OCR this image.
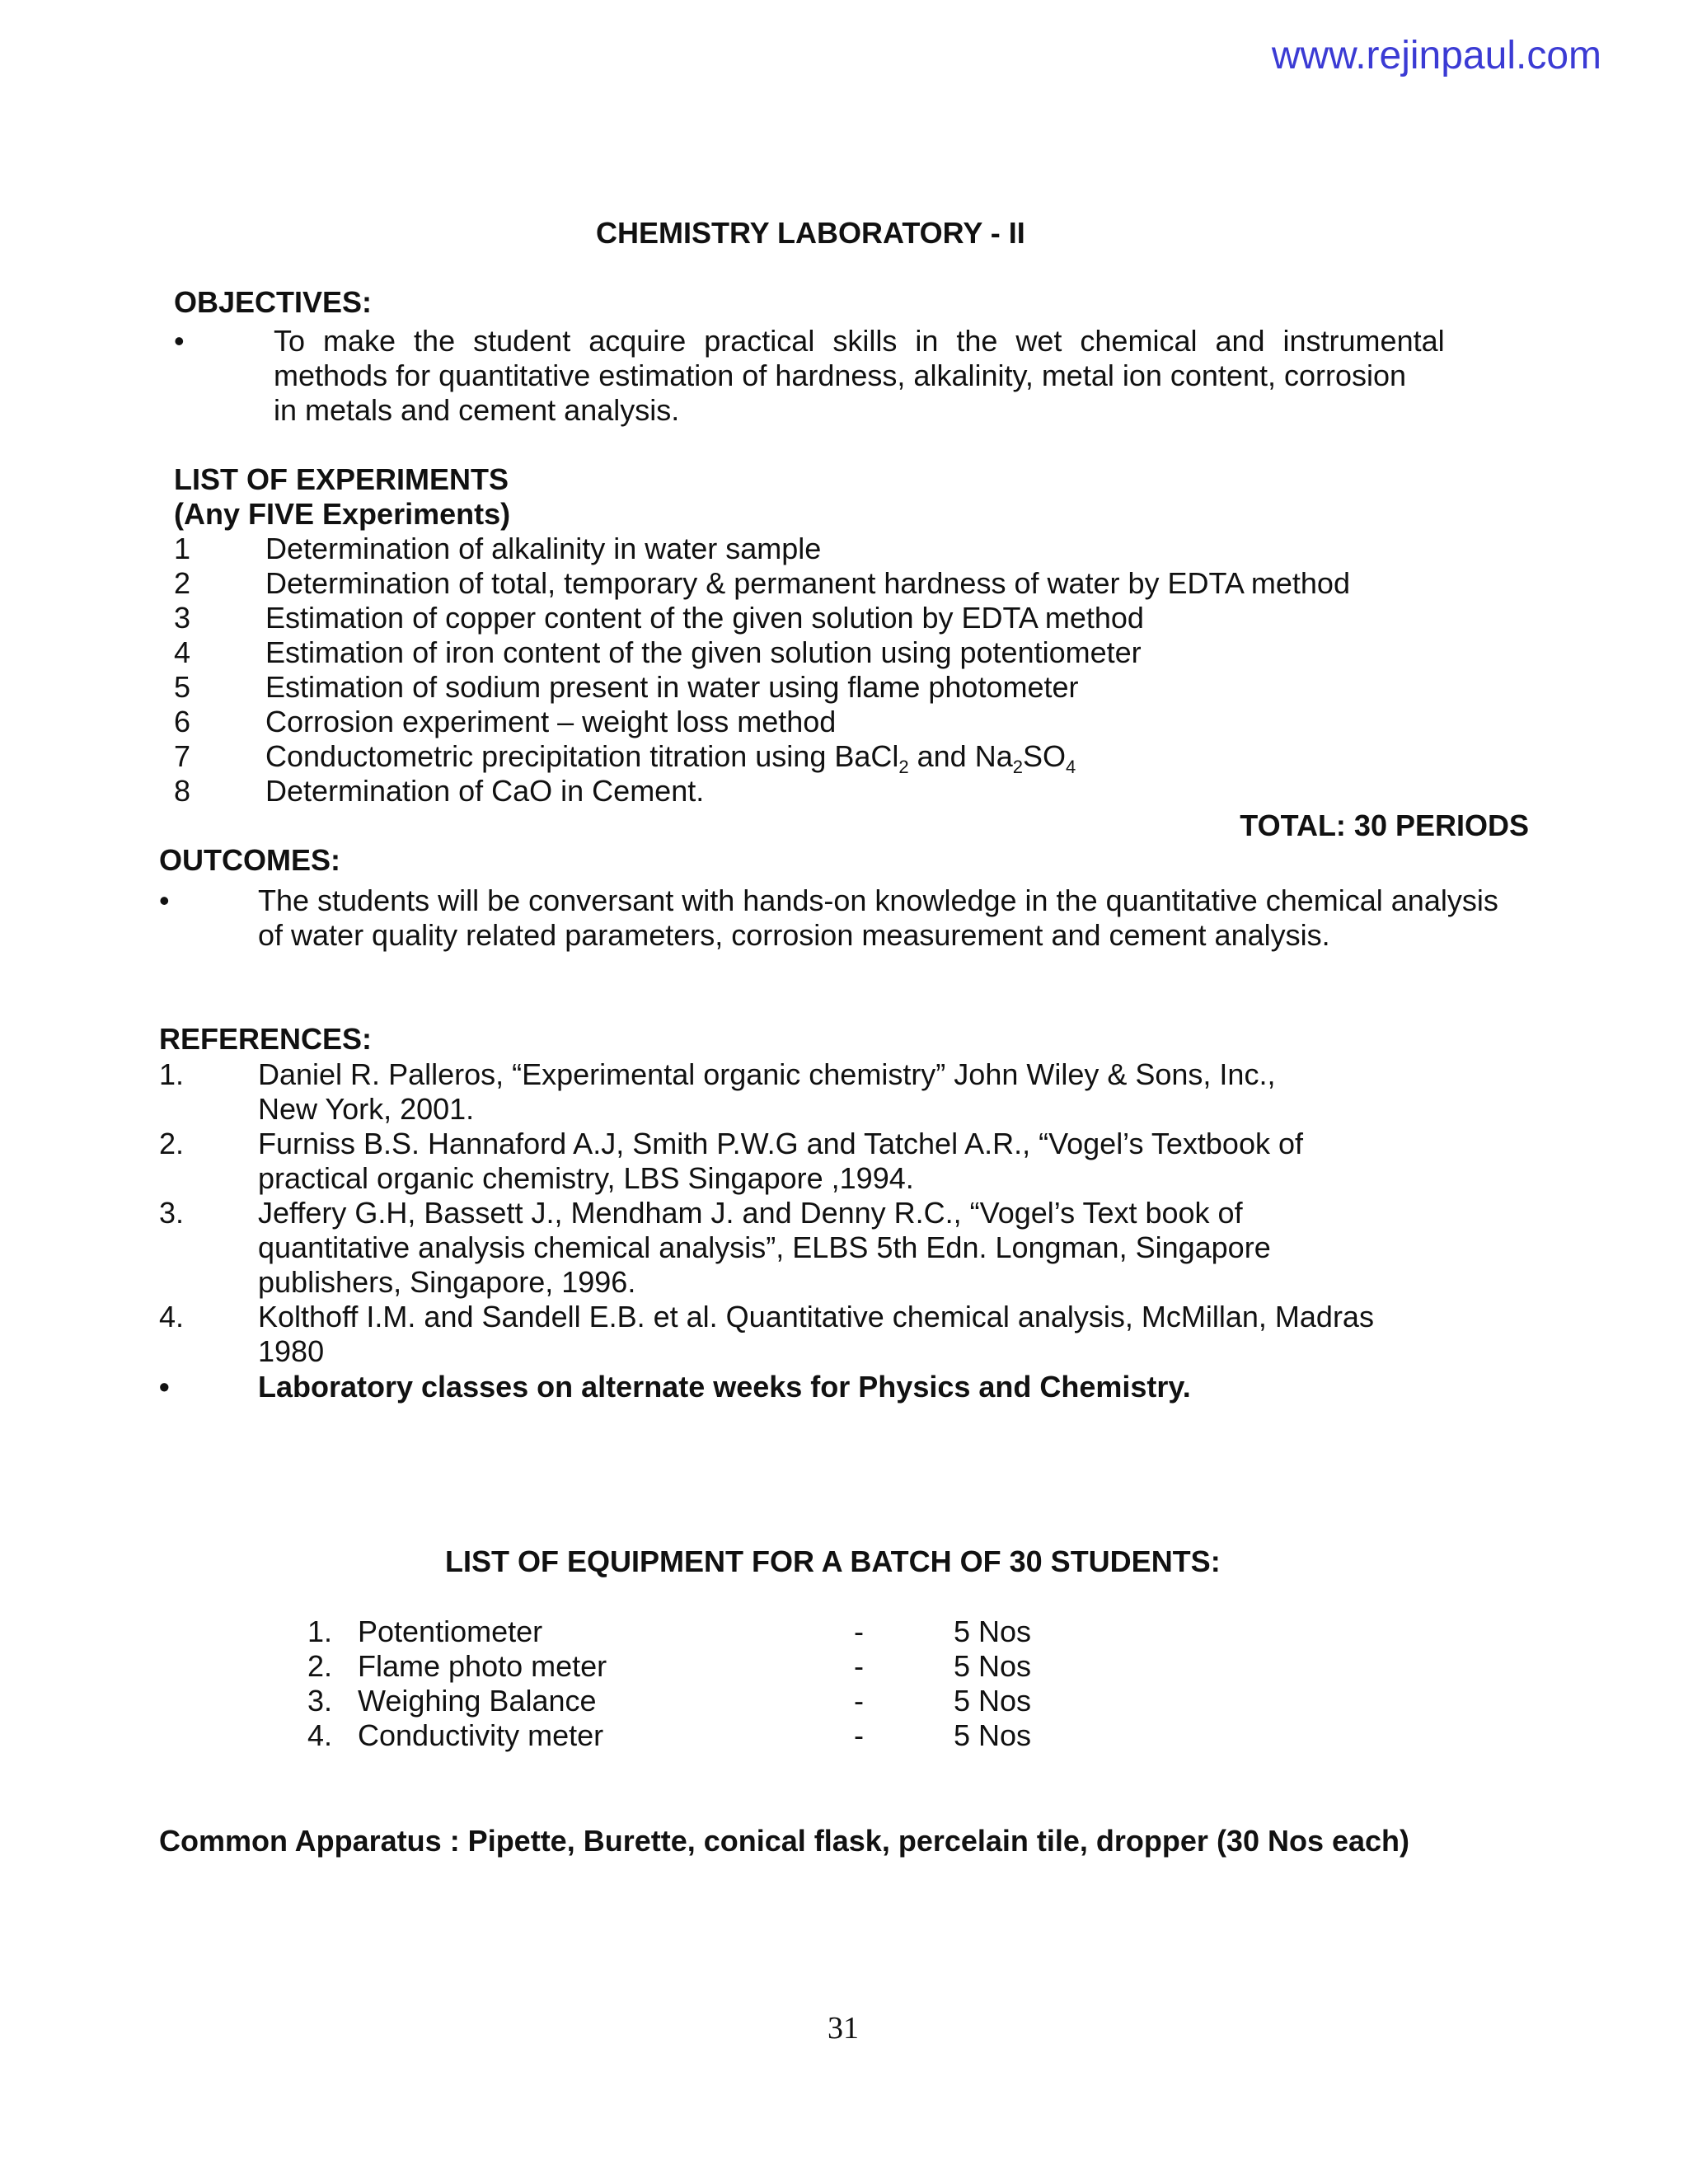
www.rejinpaul.com
CHEMISTRY LABORATORY - II
OBJECTIVES:
•	To make the student acquire practical skills in the wet chemical and instrumental
methods for quantitative estimation of hardness, alkalinity, metal ion content, corrosion
in metals and cement analysis.
LIST OF EXPERIMENTS
(Any FIVE Experiments)
1	Determination of alkalinity in water sample
2	Determination of total, temporary & permanent hardness of water by EDTA method
3	Estimation of copper content of the given solution by EDTA method
4	Estimation of iron content of the given solution using potentiometer
5	Estimation of sodium present in water using flame photometer
6	Corrosion experiment – weight loss method
7	Conductometric precipitation titration using BaCl$_2$ and $Na_2SO_4$
8	Determination of CaO in Cement.
TOTAL: 30 PERIODS
OUTCOMES:
•	The students will be conversant with hands-on knowledge in the quantitative chemical analysis
of water quality related parameters, corrosion measurement and cement analysis.
REFERENCES:
1. Daniel R. Palleros, “Experimental organic chemistry” John Wiley & Sons, Inc.,
New York, 2001.
2. Furniss B.S. Hannaford A.J, Smith P.W.G and Tatchel A.R., “Vogel’s Textbook of
practical organic chemistry, LBS Singapore ,1994.
3. Jeffery G.H, Bassett J., Mendham J. and Denny R.C., “Vogel’s Text book of
quantitative analysis chemical analysis”, ELBS 5th Edn. Longman, Singapore
publishers, Singapore, 1996.
4. Kolthoff I.M. and Sandell E.B. et al. Quantitative chemical analysis, McMillan, Madras
1980
•	Laboratory classes on alternate weeks for Physics and Chemistry.
LIST OF EQUIPMENT FOR A BATCH OF 30 STUDENTS:
1. Potentiometer	-	5 Nos
2. Flame photo meter	-	5 Nos
3. Weighing Balance	-	5 Nos
4. Conductivity meter	-	5 Nos
Common Apparatus : Pipette, Burette, conical flask, percelain tile, dropper (30 Nos each)
31
